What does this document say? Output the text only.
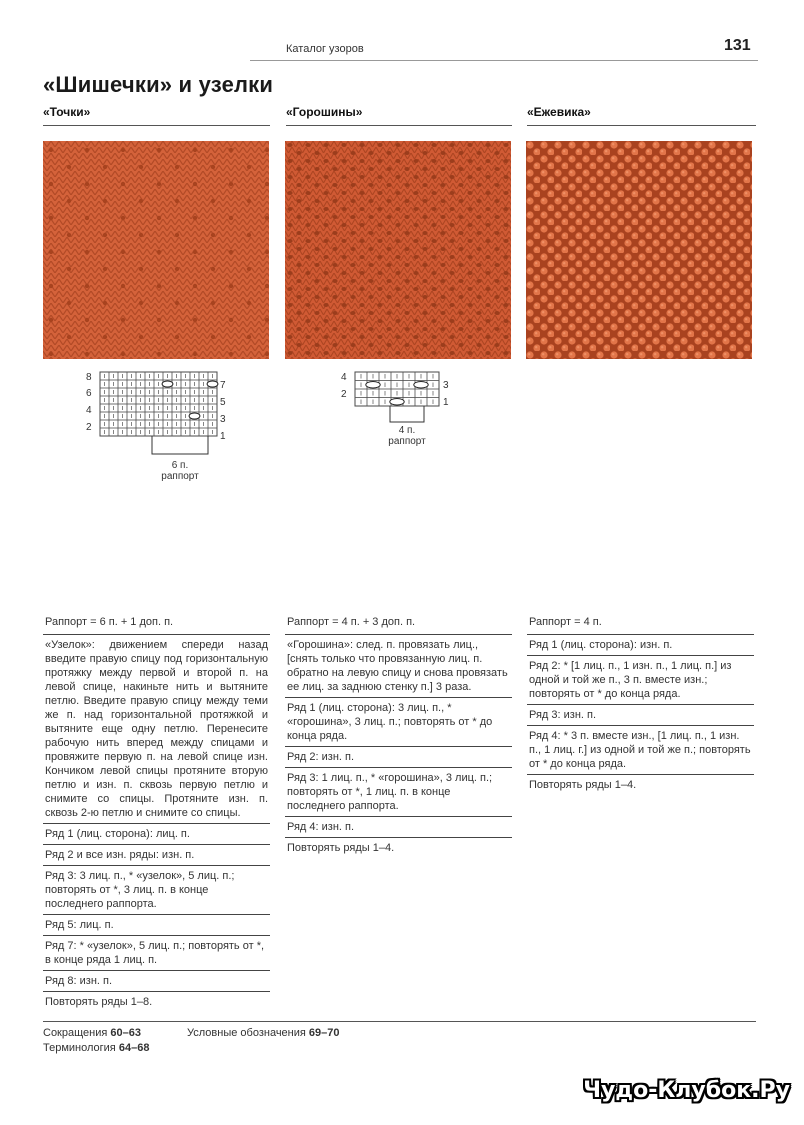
Каталог узоров	131
«Шишечки» и узелки
«Точки»	«Горошины»	«Ежевика»
8
6
4
2
7
5
3
1
6 п.
раппорт
4
2
3
1
4 п.
раппорт
Раппорт = 6 п. + 1 доп. п.
«Узелок»: движением спереди назад введите правую спицу под горизонтальную протяжку между первой и второй п. на левой спице, накиньте нить и вытяните петлю. Введите правую спицу между теми же п. над горизонтальной протяжкой и вытяните еще одну петлю. Перенесите рабочую нить вперед между спицами и провяжите первую п. на левой спице изн. Кончиком левой спицы протяните вторую петлю и изн. п. сквозь первую петлю и снимите со спицы. Протяните изн. п. сквозь 2-ю петлю и снимите со спицы.
Ряд 1 (лиц. сторона): лиц. п.
Ряд 2 и все изн. ряды: изн. п.
Ряд 3: 3 лиц. п., * «узелок», 5 лиц. п.; повторять от *, 3 лиц. п. в конце последнего раппорта.
Ряд 5: лиц. п.
Ряд 7: * «узелок», 5 лиц. п.; повторять от *, в конце ряда 1 лиц. п.
Ряд 8: изн. п.
Повторять ряды 1–8.
Раппорт = 4 п. + 3 доп. п.
«Горошина»: след. п. провязать лиц., [снять только что провязанную лиц. п. обратно на левую спицу и снова провязать ее лиц. за заднюю стенку п.] 3 раза.
Ряд 1 (лиц. сторона): 3 лиц. п., * «горошина», 3 лиц. п.; повторять от * до конца ряда.
Ряд 2: изн. п.
Ряд 3: 1 лиц. п., * «горошина», 3 лиц. п.; повторять от *, 1 лиц. п. в конце последнего раппорта.
Ряд 4: изн. п.
Повторять ряды 1–4.
Раппорт = 4 п.
Ряд 1 (лиц. сторона): изн. п.
Ряд 2: * [1 лиц. п., 1 изн. п., 1 лиц. п.] из одной и той же п., 3 п. вместе изн.; повторять от * до конца ряда.
Ряд 3: изн. п.
Ряд 4: * 3 п. вместе изн., [1 лиц. п., 1 изн. п., 1 лиц. г.] из одной и той же п.; повторять от * до конца ряда.
Повторять ряды 1–4.
Сокращения 60–63
Терминология 64–68
Условные обозначения 69–70
Чудо-Клубок.Ру
